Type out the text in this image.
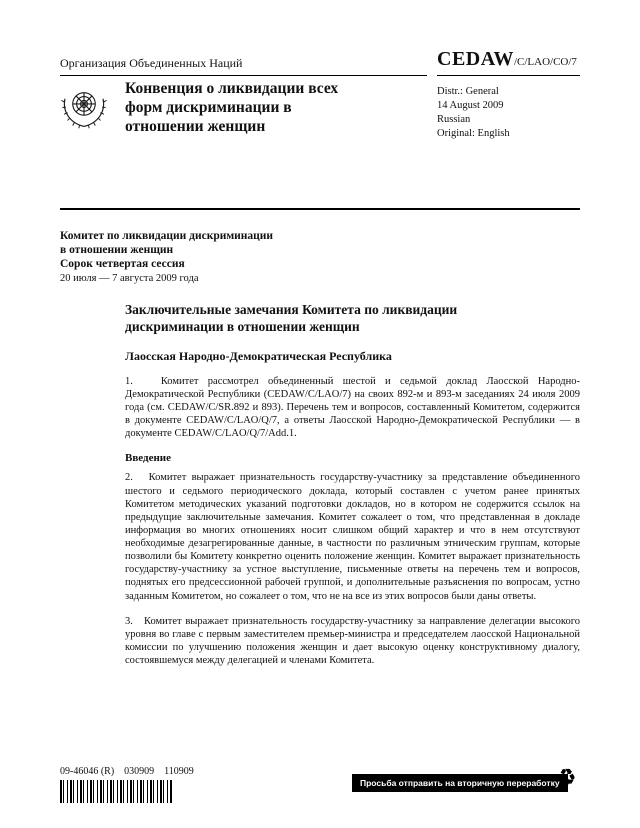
Организация Объединенных Наций	CEDAW/C/LAO/CO/7
Конвенция о ликвидации всех форм дискриминации в отношении женщин
Distr.: General
14 August 2009
Russian
Original: English
Комитет по ликвидации дискриминации в отношении женщин
Сорок четвертая сессия
20 июля — 7 августа 2009 года
Заключительные замечания Комитета по ликвидации дискриминации в отношении женщин
Лаосская Народно-Демократическая Республика

1.   Комитет рассмотрел объединенный шестой и седьмой доклад Лаосской Народно-Демократической Республики (CEDAW/C/LAO/7) на своих 892-м и 893-м заседаниях 24 июля 2009 года (см. CEDAW/C/SR.892 и 893). Перечень тем и вопросов, составленный Комитетом, содержится в документе CEDAW/C/LAO/Q/7, а ответы Лаосской Народно-Демократической Республики — в документе CEDAW/C/LAO/Q/7/Add.1.

Введение

2.   Комитет выражает признательность государству-участнику за представление объединенного шестого и седьмого периодического доклада, который составлен с учетом ранее принятых Комитетом методических указаний подготовки докладов, но в котором не содержится ссылок на предыдущие заключительные замечания. Комитет сожалеет о том, что представленная в докладе информация во многих отношениях носит слишком общий характер и что в нем отсутствуют необходимые дезагрегированные данные, в частности по различным этническим группам, которые позволили бы Комитету конкретно оценить положение женщин. Комитет выражает признательность государству-участнику за устное выступление, письменные ответы на перечень тем и вопросов, поднятых его предсессионной рабочей группой, и дополнительные разъяснения по вопросам, устно заданным Комитетом, но сожалеет о том, что не на все из этих вопросов были даны ответы.

3.   Комитет выражает признательность государству-участнику за направление делегации высокого уровня во главе с первым заместителем премьер-министра и председателем лаосской Национальной комиссии по улучшению положения женщин и дает высокую оценку конструктивному диалогу, состоявшемуся между делегацией и членами Комитета.

09-46046 (R)    030909    110909
Просьба отправить на вторичную переработку
♻
